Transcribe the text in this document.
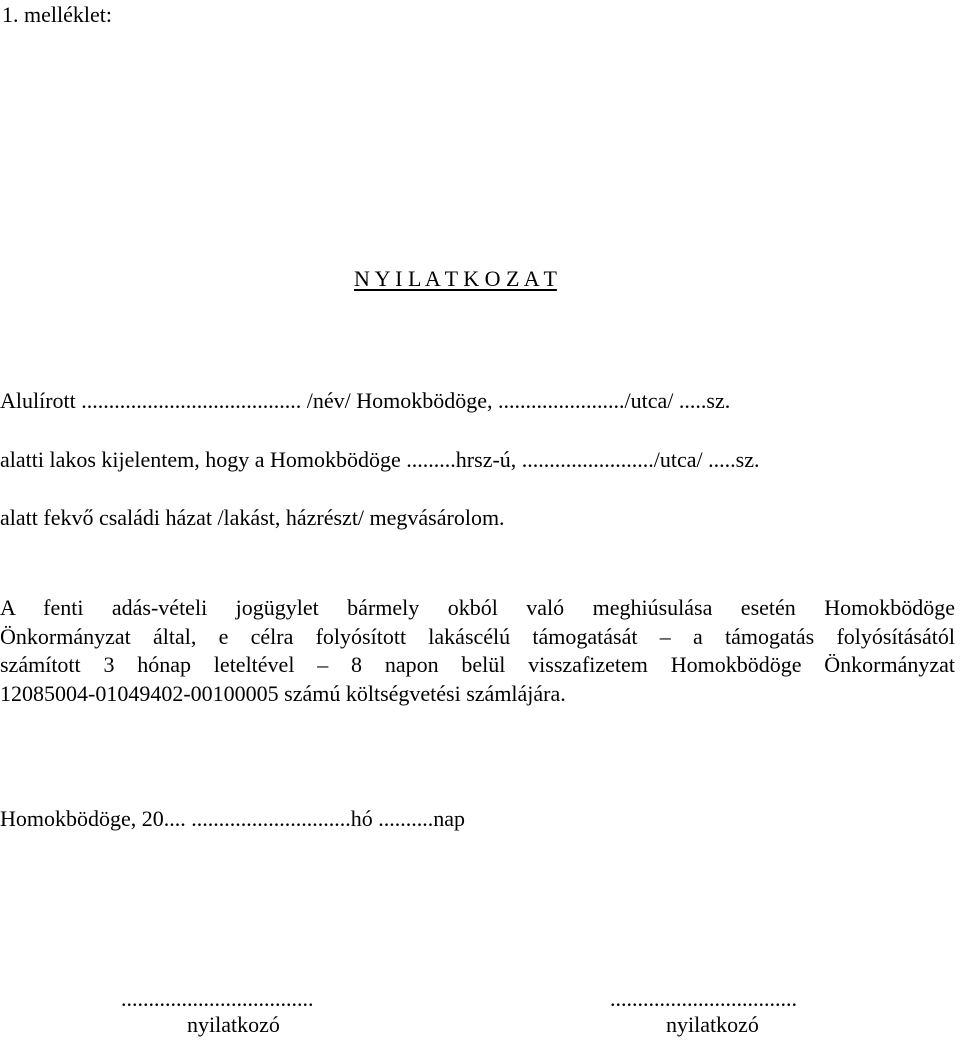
1. melléklet:
N Y I L A T K O Z A T
Alulírott ........................................ /név/ Homokbödöge, ......................./utca/ .....sz.
alatti lakos kijelentem, hogy a Homokbödöge .........hrsz-ú, ......................../utca/ .....sz.
alatt fekvő családi házat /lakást, házrészt/ megvásárolom.
A fenti adás-vételi jogügylet bármely okból való meghiúsulása esetén Homokbödöge
Önkormányzat által, e célra folyósított lakáscélú támogatását – a támogatás folyósításától
számított 3 hónap leteltével – 8 napon belül visszafizetem Homokbödöge Önkormányzat
12085004-01049402-00100005 számú költségvetési számlájára.
Homokbödöge, 20.... .............................hó ..........nap
...................................
nyilatkozó
..................................
nyilatkozó
